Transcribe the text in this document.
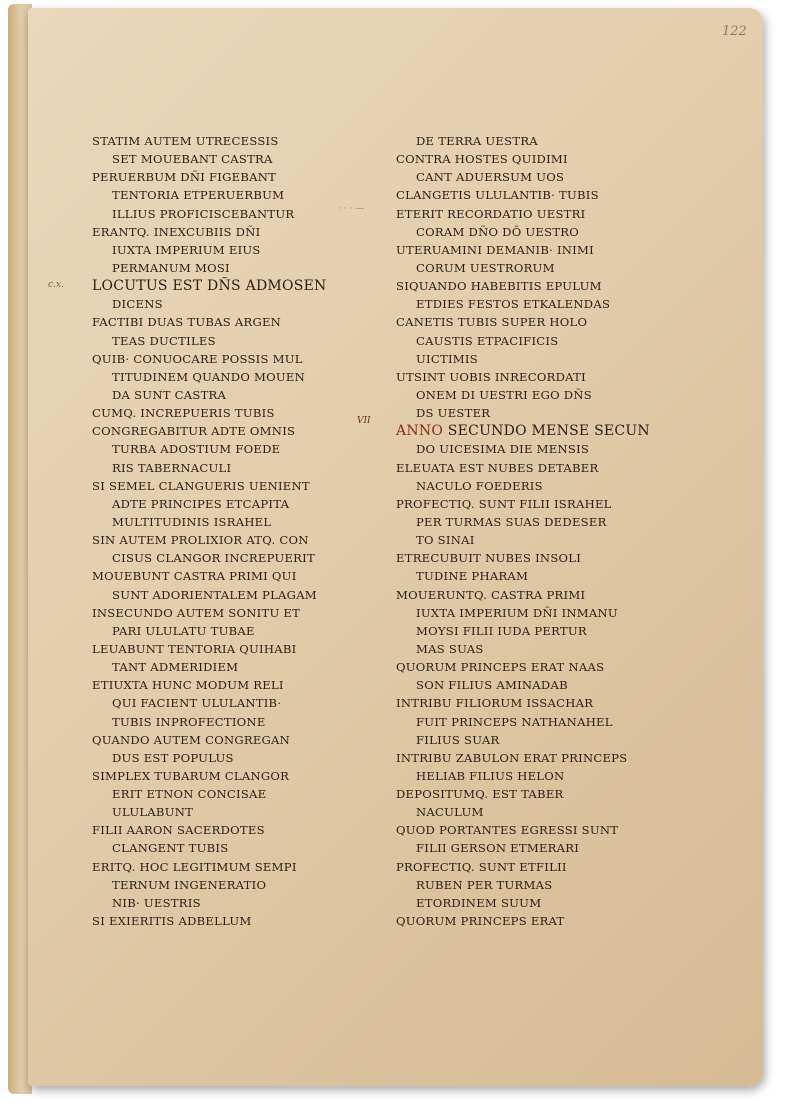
122
c.x.
VII
· · · —
STATIM AUTEM UTRECESSIS
SET MOUEBANT CASTRA
PERUERBUM DÑI FIGEBANT
TENTORIA ETPERUERBUM
ILLIUS PROFICISCEBANTUR
ERANTQ. INEXCUBIIS DÑI
IUXTA IMPERIUM EIUS
PERMANUM MOSI
LOCUTUS EST DÑS ADMOSEN
DICENS
FACTIBI DUAS TUBAS ARGEN
TEAS DUCTILES
QUIB· CONUOCARE POSSIS MUL
TITUDINEM QUANDO MOUEN
DA SUNT CASTRA
CUMQ. INCREPUERIS TUBIS
CONGREGABITUR ADTE OMNIS
TURBA ADOSTIUM FOEDE
RIS TABERNACULI
SI SEMEL CLANGUERIS UENIENT
ADTE PRINCIPES ETCAPITA
MULTITUDINIS ISRAHEL
SIN AUTEM PROLIXIOR ATQ. CON
CISUS CLANGOR INCREPUERIT
MOUEBUNT CASTRA PRIMI QUI
SUNT ADORIENTALEM PLAGAM
INSECUNDO AUTEM SONITU ET
PARI ULULATU TUBAE
LEUABUNT TENTORIA QUIHABI
TANT ADMERIDIEM
ETIUXTA HUNC MODUM RELI
QUI FACIENT ULULANTIB·
TUBIS INPROFECTIONE
QUANDO AUTEM CONGREGAN
DUS EST POPULUS
SIMPLEX TUBARUM CLANGOR
ERIT ETNON CONCISAE
ULULABUNT
FILII AARON SACERDOTES
CLANGENT TUBIS
ERITQ. HOC LEGITIMUM SEMPI
TERNUM INGENERATIO
NIB· UESTRIS
SI EXIERITIS ADBELLUM
DE TERRA UESTRA
CONTRA HOSTES QUIDIMI
CANT ADUERSUM UOS
CLANGETIS ULULANTIB· TUBIS
ETERIT RECORDATIO UESTRI
CORAM DÑO DŌ UESTRO
UTERUAMINI DEMANIB· INIMI
CORUM UESTRORUM
SIQUANDO HABEBITIS EPULUM
ETDIES FESTOS ETKALENDAS
CANETIS TUBIS SUPER HOLO
CAUSTIS ETPACIFICIS
UICTIMIS
UTSINT UOBIS INRECORDATI
ONEM DI UESTRI EGO DÑS
DS UESTER
ANNO SECUNDO MENSE SECUN
DO UICESIMA DIE MENSIS
ELEUATA EST NUBES DETABER
NACULO FOEDERIS
PROFECTIQ. SUNT FILII ISRAHEL
PER TURMAS SUAS DEDESER
TO SINAI
ETRECUBUIT NUBES INSOLI
TUDINE PHARAM
MOUERUNTQ. CASTRA PRIMI
IUXTA IMPERIUM DÑI INMANU
MOYSI FILII IUDA PERTUR
MAS SUAS
QUORUM PRINCEPS ERAT NAAS
SON FILIUS AMINADAB
INTRIBU FILIORUM ISSACHAR
FUIT PRINCEPS NATHANAHEL
FILIUS SUAR
INTRIBU ZABULON ERAT PRINCEPS
HELIAB FILIUS HELON
DEPOSITUMQ. EST TABER
NACULUM
QUOD PORTANTES EGRESSI SUNT
FILII GERSON ETMERARI
PROFECTIQ. SUNT ETFILII
RUBEN PER TURMAS
ETORDINEM SUUM
QUORUM PRINCEPS ERAT
